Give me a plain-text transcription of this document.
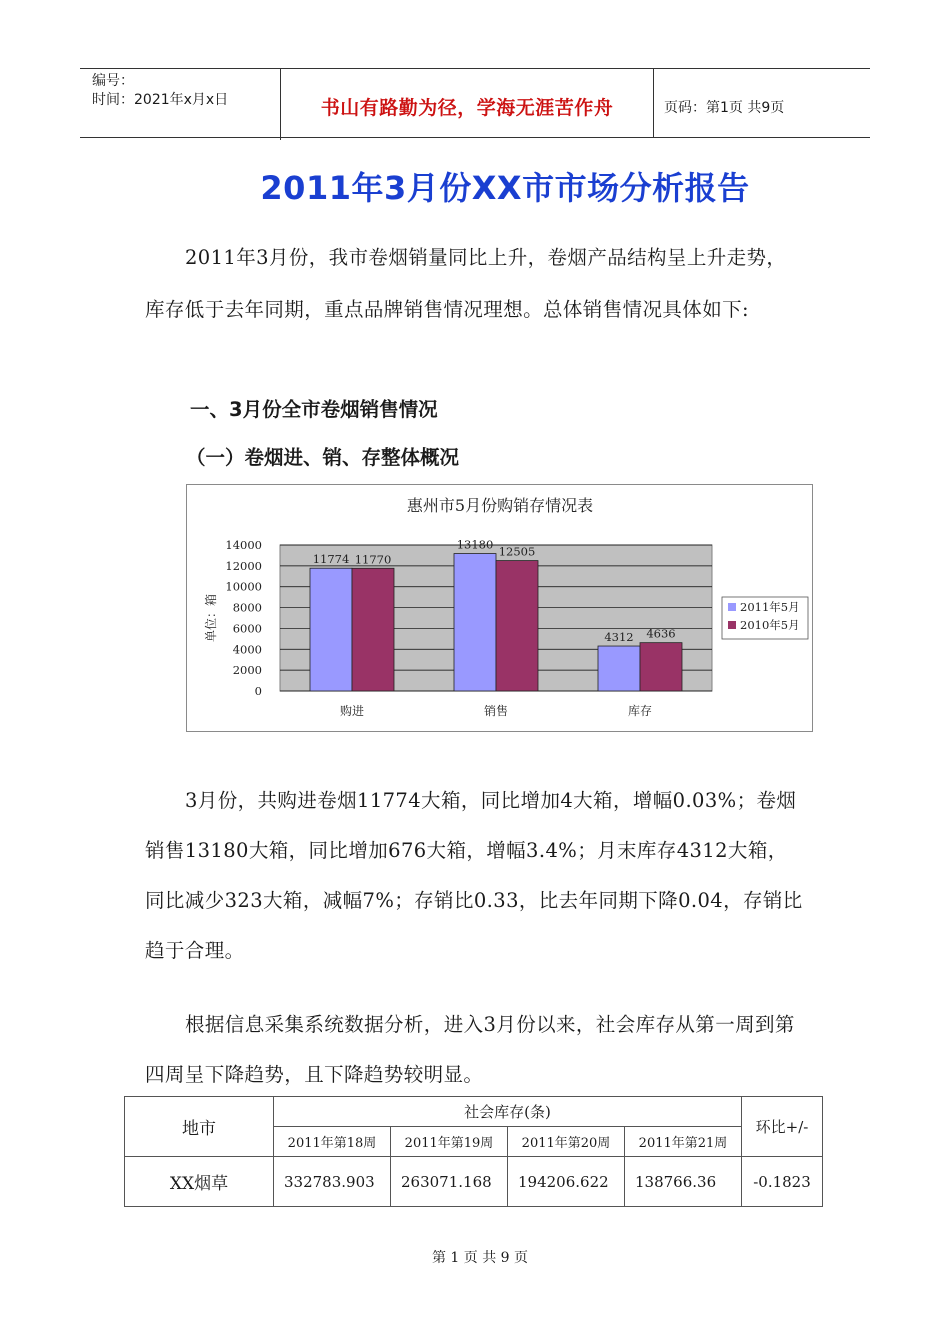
编号：
时间：2021年x月x日	书山有路勤为径，学海无涯苦作舟	页码：第1页 共9页
2011年3月份XX市市场分析报告
2011年3月份，我市卷烟销量同比上升，卷烟产品结构呈上升走势，库存低于去年同期，重点品牌销售情况理想。总体销售情况具体如下:
一、3月份全市卷烟销售情况
（一）卷烟进、销、存整体概况
惠州市5月份购销存情况表
0
2000
4000
6000
8000
10000
12000
14000
单位：箱
11774 11770
购进
13180
12505
销售
4312 4636
库存
2011年5月
2010年5月
3月份，共购进卷烟11774大箱，同比增加4大箱，增幅0.03%；卷烟销售13180大箱，同比增加676大箱，增幅3.4%；月末库存4312大箱，同比减少323大箱，减幅7%；存销比0.33，比去年同期下降0.04，存销比趋于合理。
根据信息采集系统数据分析，进入3月份以来，社会库存从第一周到第四周呈下降趋势，且下降趋势较明显。
地市	社会库存(条)				环比+/-
	2011年第18周	2011年第19周	2011年第20周	2011年第21周	
XX烟草	332783.903	263071.168	194206.622	138766.36	-0.1823
第 1 页 共 9 页
